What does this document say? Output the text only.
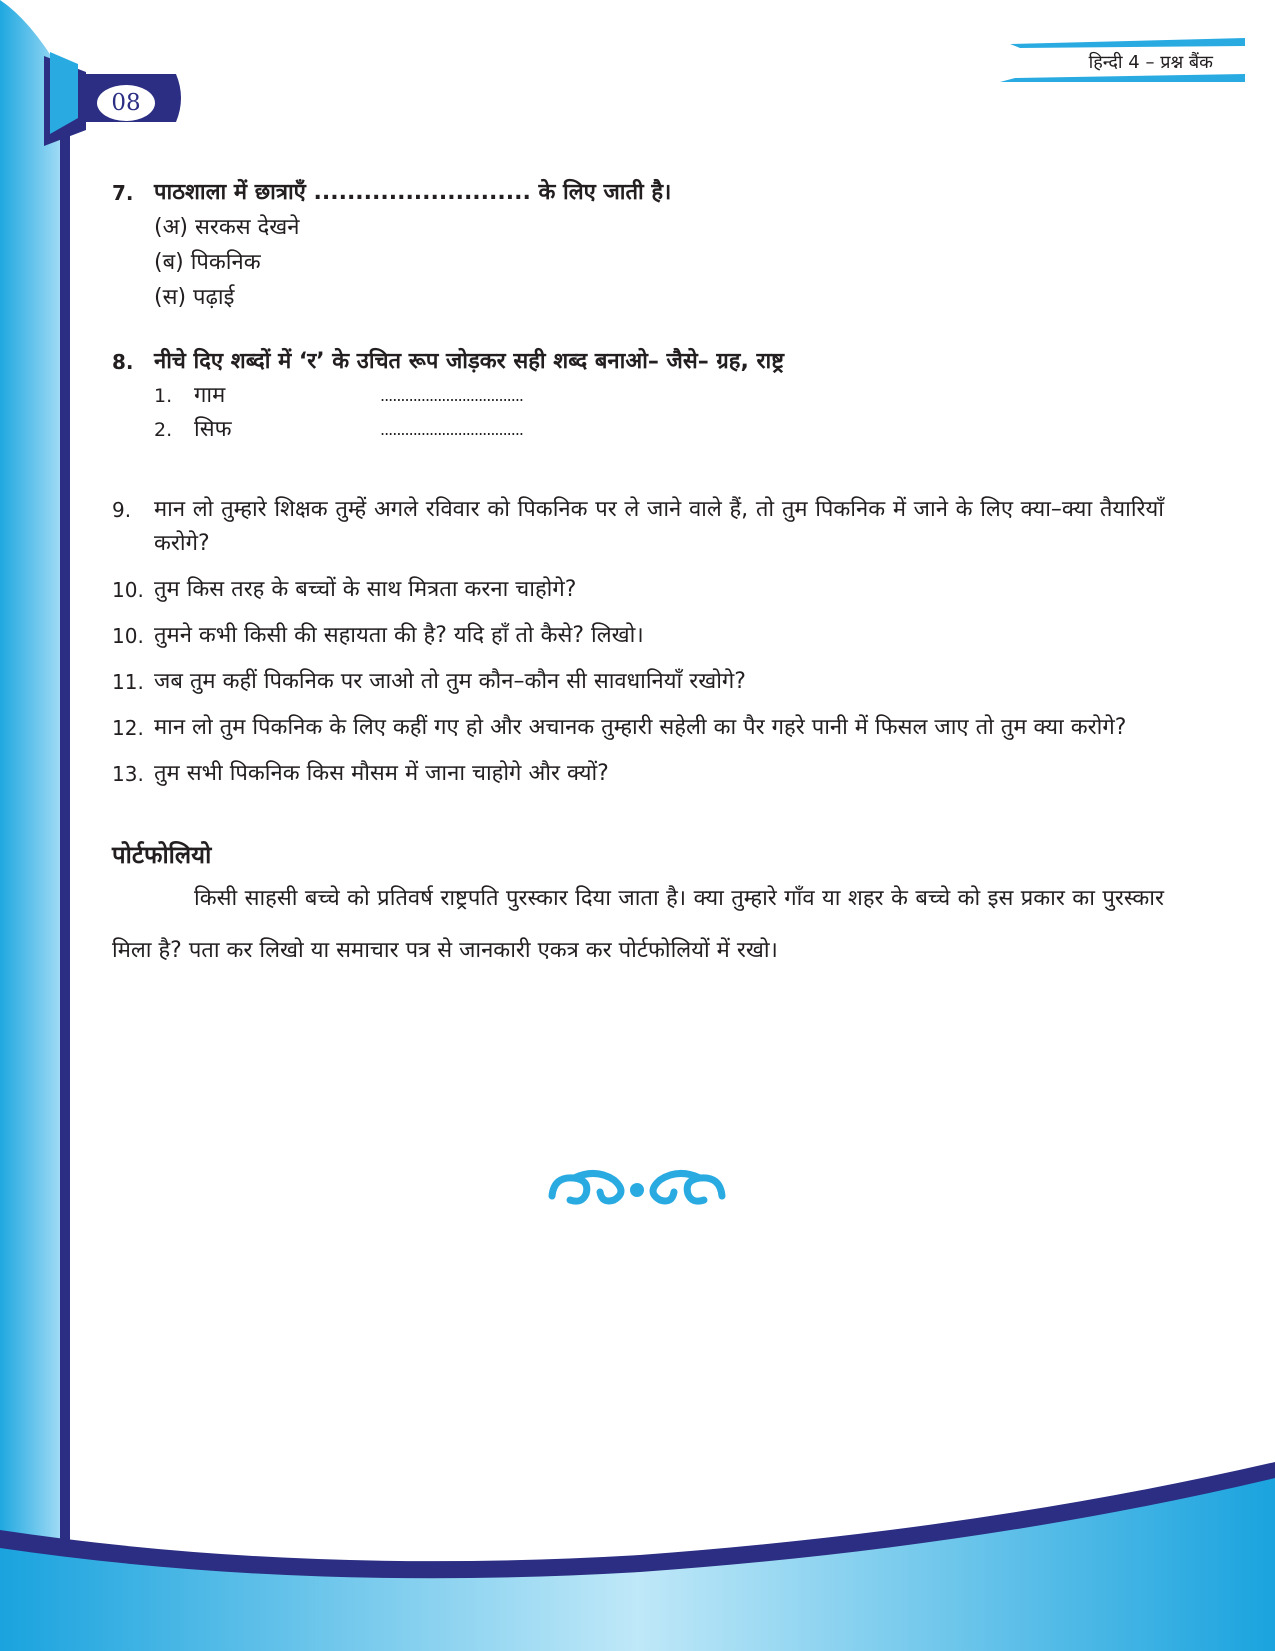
हिन्दी 4 – प्रश्न बैंक
08
7. पाठशाला में छात्राएँ .......................... के लिए जाती है।
(अ) सरकस देखने
(ब) पिकनिक
(स) पढ़ाई
8. नीचे दिए शब्दों में ‘र’ के उचित रूप जोड़कर सही शब्द बनाओ– जैसे– ग्रह, राष्ट्र
1. गाम	...................................
2. सिफ	...................................
9.	मान लो तुम्हारे शिक्षक तुम्हें अगले रविवार को पिकनिक पर ले जाने वाले हैं, तो तुम पिकनिक में जाने के लिए क्या–क्या तैयारियाँ करोगे?
10. तुम किस तरह के बच्चों के साथ मित्रता करना चाहोगे?
10. तुमने कभी किसी की सहायता की है? यदि हाँ तो कैसे? लिखो।
11. जब तुम कहीं पिकनिक पर जाओ तो तुम कौन–कौन सी सावधानियाँ रखोगे?
12. मान लो तुम पिकनिक के लिए कहीं गए हो और अचानक तुम्हारी सहेली का पैर गहरे पानी में फिसल जाए तो तुम क्या करोगे?
13. तुम सभी पिकनिक किस मौसम में जाना चाहोगे और क्यों?
पोर्टफोलियो
किसी साहसी बच्चे को प्रतिवर्ष राष्ट्रपति पुरस्कार दिया जाता है। क्या तुम्हारे गाँव या शहर के बच्चे को इस प्रकार का पुरस्कार मिला है? पता कर लिखो या समाचार पत्र से जानकारी एकत्र कर पोर्टफोलियों में रखो।
